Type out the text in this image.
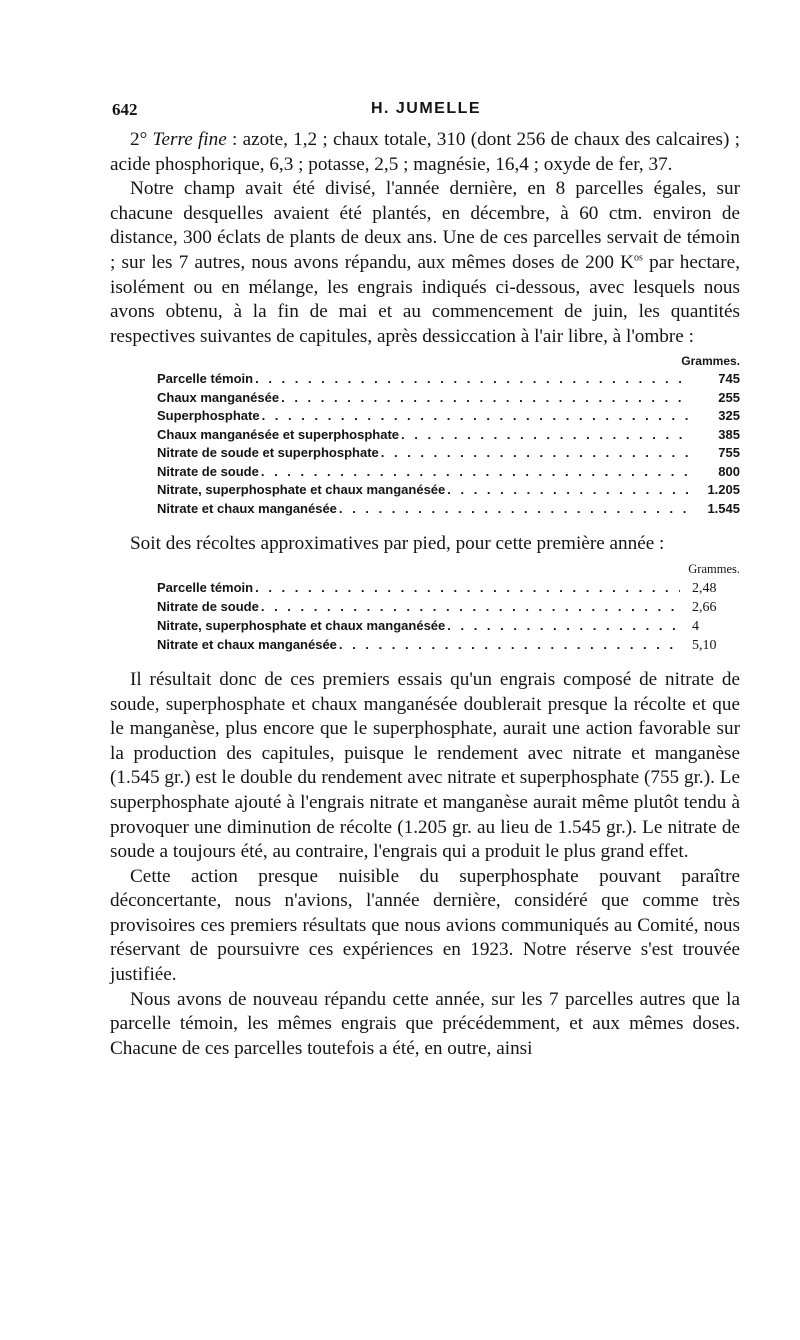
642	H. JUMELLE

2° Terre fine : azote, 1,2 ; chaux totale, 310 (dont 256 de chaux des calcaires) ; acide phosphorique, 6,3 ; potasse, 2,5 ; magnésie, 16,4 ; oxyde de fer, 37.

Notre champ avait été divisé, l'année dernière, en 8 parcelles égales, sur chacune desquelles avaient été plantés, en décembre, à 60 ctm. environ de distance, 300 éclats de plants de deux ans. Une de ces parcelles servait de témoin ; sur les 7 autres, nous avons répandu, aux mêmes doses de 200 $K^{os}$ par hectare, isolément ou en mélange, les engrais indiqués ci-dessous, avec lesquels nous avons obtenu, à la fin de mai et au commencement de juin, les quantités respectives suivantes de capitules, après dessiccation à l'air libre, à l'ombre :

Grammes.
Parcelle témoin . . .	745
Chaux manganésée . . .	255
Superphosphate . . .	325
Chaux manganésée et superphosphate . . .	385
Nitrate de soude et superphosphate . . .	755
Nitrate de soude . . .	800
Nitrate, superphosphate et chaux manganésée . . .	1.205
Nitrate et chaux manganésée . . .	1.545

Soit des récoltes approximatives par pied, pour cette première année :

Grammes.
Parcelle témoin . . .	2,48
Nitrate de soude . . .	2,66
Nitrate, superphosphate et chaux manganésée . . .	4
Nitrate et chaux manganésée . . .	5,10

Il résultait donc de ces premiers essais qu'un engrais composé de nitrate de soude, superphosphate et chaux manganésée doublerait presque la récolte et que le manganèse, plus encore que le superphosphate, aurait une action favorable sur la production des capitules, puisque le rendement avec nitrate et manganèse (1.545 gr.) est le double du rendement avec nitrate et superphosphate (755 gr.). Le superphosphate ajouté à l'engrais nitrate et manganèse aurait même plutôt tendu à provoquer une diminution de récolte (1.205 gr. au lieu de 1.545 gr.). Le nitrate de soude a toujours été, au contraire, l'engrais qui a produit le plus grand effet.

Cette action presque nuisible du superphosphate pouvant paraître déconcertante, nous n'avions, l'année dernière, considéré que comme très provisoires ces premiers résultats que nous avions communiqués au Comité, nous réservant de poursuivre ces expériences en 1923. Notre réserve s'est trouvée justifiée.

Nous avons de nouveau répandu cette année, sur les 7 parcelles autres que la parcelle témoin, les mêmes engrais que précédemment, et aux mêmes doses. Chacune de ces parcelles toutefois a été, en outre, ainsi
